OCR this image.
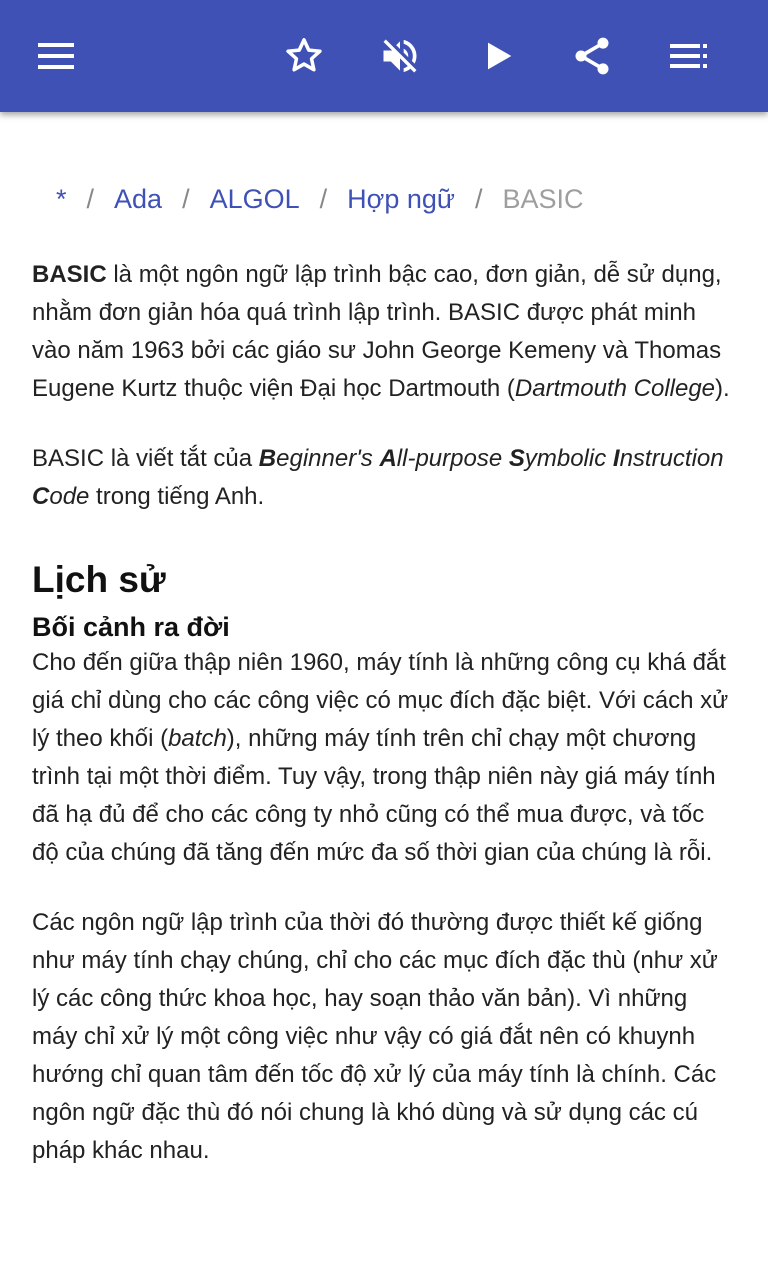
* / Ada / ALGOL / Hợp ngữ / BASIC

BASIC là một ngôn ngữ lập trình bậc cao, đơn giản, dễ sử dụng, nhằm đơn giản hóa quá trình lập trình. BASIC được phát minh vào năm 1963 bởi các giáo sư John George Kemeny và Thomas Eugene Kurtz thuộc viện Đại học Dartmouth (Dartmouth College).

BASIC là viết tắt của Beginner's All-purpose Symbolic Instruction Code trong tiếng Anh.

Lịch sử
Bối cảnh ra đời

Cho đến giữa thập niên 1960, máy tính là những công cụ khá đắt giá chỉ dùng cho các công việc có mục đích đặc biệt. Với cách xử lý theo khối (batch), những máy tính trên chỉ chạy một chương trình tại một thời điểm. Tuy vậy, trong thập niên này giá máy tính đã hạ đủ để cho các công ty nhỏ cũng có thể mua được, và tốc độ của chúng đã tăng đến mức đa số thời gian của chúng là rỗi.

Các ngôn ngữ lập trình của thời đó thường được thiết kế giống như máy tính chạy chúng, chỉ cho các mục đích đặc thù (như xử lý các công thức khoa học, hay soạn thảo văn bản). Vì những máy chỉ xử lý một công việc như vậy có giá đắt nên có khuynh hướng chỉ quan tâm đến tốc độ xử lý của máy tính là chính. Các ngôn ngữ đặc thù đó nói chung là khó dùng và sử dụng các cú pháp khác nhau.
